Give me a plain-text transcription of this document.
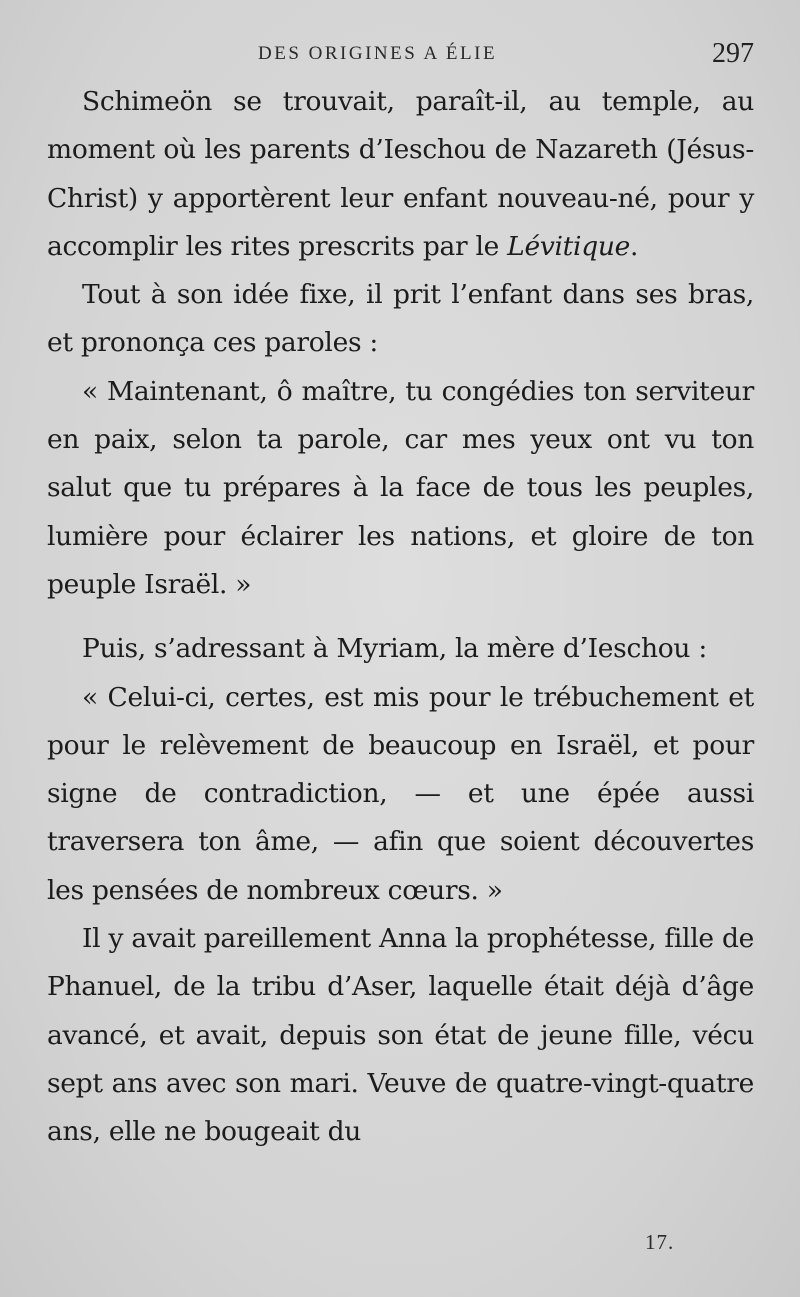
DES ORIGINES A ÉLIE	297

Schimeön se trouvait, paraît-il, au temple, au moment où les parents d’Ieschou de Nazareth (Jésus-Christ) y apportèrent leur enfant nouveau-né, pour y accomplir les rites prescrits par le Lévitique.

Tout à son idée fixe, il prit l’enfant dans ses bras, et prononça ces paroles :

« Maintenant, ô maître, tu congédies ton serviteur en paix, selon ta parole, car mes yeux ont vu ton salut que tu prépares à la face de tous les peuples, lumière pour éclairer les nations, et gloire de ton peuple Israël. »

Puis, s’adressant à Myriam, la mère d’Ieschou :

« Celui-ci, certes, est mis pour le trébuchement et pour le relèvement de beaucoup en Israël, et pour signe de contradiction, — et une épée aussi traversera ton âme, — afin que soient découvertes les pensées de nombreux cœurs. »

Il y avait pareillement Anna la prophétesse, fille de Phanuel, de la tribu d’Aser, laquelle était déjà d’âge avancé, et avait, depuis son état de jeune fille, vécu sept ans avec son mari. Veuve de quatre-vingt-quatre ans, elle ne bougeait du

17.
